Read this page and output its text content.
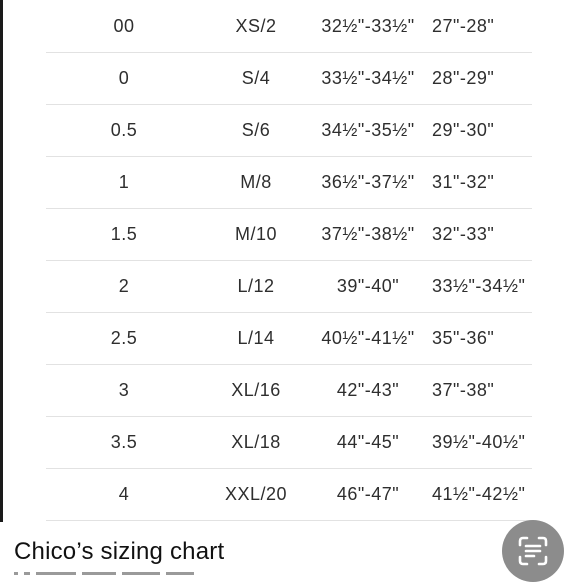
00	XS/2	32½"-33½" 27"-28"
0	S/4	33½"-34½" 28"-29"
0.5	S/6	34½"-35½" 29"-30"
1	M/8	36½"-37½" 31"-32"
1.5	M/10	37½"-38½" 32"-33"
2	L/12	39"-40"	33½"-34½"
2.5	L/14	40½"-41½" 35"-36"
3	XL/16	42"-43"	37"-38"
3.5	XL/18	44"-45"	39½"-40½"
4	XXL/20	46"-47"	41½"-42½"
Chico’s sizing chart
